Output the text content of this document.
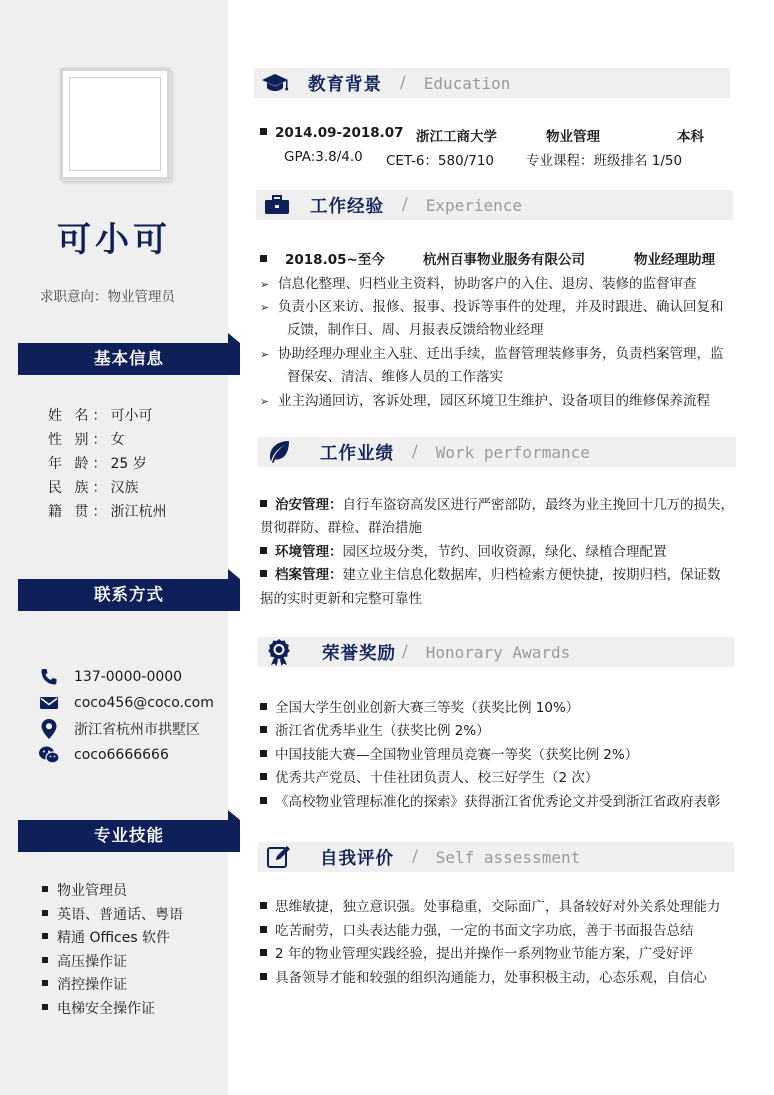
可小可
求职意向：物业管理员
基本信息
姓 名：可小可
性 别：女
年 龄：25 岁
民 族：汉族
籍 贯：浙江杭州
联系方式
137-0000-0000
coco456@coco.com
浙江省杭州市拱墅区
coco6666666
专业技能
物业管理员
英语、普通话、粤语
精通 Offices 软件
高压操作证
消控操作证
电梯安全操作证
教育背景 / Education
2014.09-2018.07 浙江工商大学	物业管理	本科
GPA:3.8/4.0 CET-6：580/710 专业课程：班级排名 1/50
工作经验 / Experience
2018.05~至今	杭州百事物业服务有限公司	物业经理助理
➢ 信息化整理、归档业主资料，协助客户的入住、退房、装修的监督审查
➢ 负责小区来访、报修、报事、投诉等事件的处理，并及时跟进、确认回复和
反馈，制作日、周、月报表反馈给物业经理
➢ 协助经理办理业主入驻、迁出手续，监督管理装修事务，负责档案管理，监
督保安、清洁、维修人员的工作落实
➢ 业主沟通回访，客诉处理，园区环境卫生维护、设备项目的维修保养流程
工作业绩 / Work performance
治安管理：自行车盗窃高发区进行严密部防，最终为业主挽回十几万的损失，
贯彻群防、群检、群治措施
环境管理：园区垃圾分类，节约、回收资源，绿化、绿植合理配置
档案管理：建立业主信息化数据库，归档检索方便快捷，按期归档，保证数
据的实时更新和完整可靠性
荣誉奖励 / Honorary Awards
全国大学生创业创新大赛三等奖（获奖比例 10%）
浙江省优秀毕业生（获奖比例 2%）
中国技能大赛—全国物业管理员竞赛一等奖（获奖比例 2%）
优秀共产党员、十佳社团负责人、校三好学生（2 次）
《高校物业管理标准化的探索》获得浙江省优秀论文并受到浙江省政府表彰
自我评价 / Self assessment
思维敏捷，独立意识强。处事稳重，交际面广，具备较好对外关系处理能力
吃苦耐劳，口头表达能力强，一定的书面文字功底，善于书面报告总结
2 年的物业管理实践经验，提出并操作一系列物业节能方案，广受好评
具备领导才能和较强的组织沟通能力，处事积极主动，心态乐观，自信心
